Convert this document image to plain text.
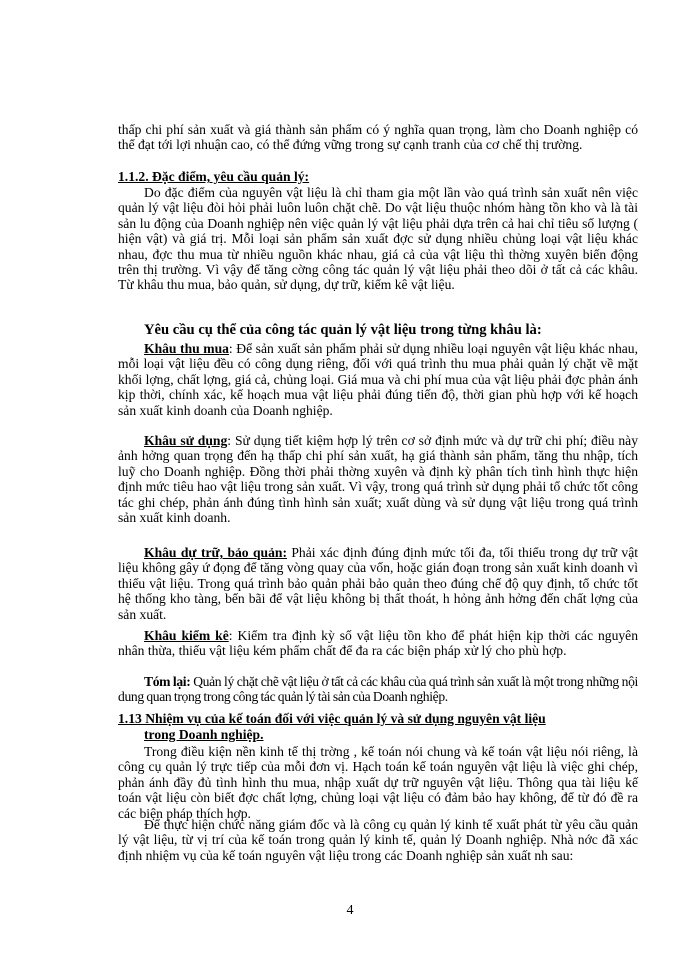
thấp chi phí sản xuất và giá thành sản phẩm có ý nghĩa quan trọng, làm cho Doanh nghiệp có thể đạt tới lợi nhuận cao, có thể đứng vững trong sự cạnh tranh của cơ chế thị trường.

1.1.2. Đặc điểm, yêu cầu quản lý:

Do đặc điểm của nguyên vật liệu là chỉ tham gia một lần vào quá trình sản xuất nên việc quản lý vật liệu đòi hỏi phải luôn luôn chặt chẽ. Do vật liệu thuộc nhóm hàng tồn kho và là tài sản lu động của Doanh nghiệp nên việc quản lý vật liệu phải dựa trên cả hai chỉ tiêu số lượng ( hiện vật) và giá trị. Mỗi loại sản phẩm sản xuất đợc sử dụng nhiều chủng loại vật liệu khác nhau, đợc thu mua từ nhiều nguồn khác nhau, giá cả của vật liệu thì thờng xuyên biến động trên thị trường. Vì vậy để tăng cờng công tác quản lý vật liệu phải theo dõi ở tất cả các khâu. Từ khâu thu mua, bảo quản, sử dụng, dự trữ, kiểm kê vật liệu.

Yêu cầu cụ thể của công tác quản lý vật liệu trong từng khâu là:

Khâu thu mua: Để sản xuất sản phẩm phải sử dụng nhiều loại nguyên vật liệu khác nhau, mỗi loại vật liệu đều có công dụng riêng, đối với quá trình thu mua phải quản lý chặt về mặt khối lợng, chất lợng, giá cả, chủng loại. Giá mua và chi phí mua của vật liệu phải đợc phản ánh kịp thời, chính xác, kế hoạch mua vật liệu phải đúng tiến độ, thời gian phù hợp với kế hoạch sản xuất kinh doanh của Doanh nghiệp.

Khâu sử dụng: Sử dụng tiết kiệm hợp lý trên cơ sở định mức và dự trữ chi phí; điều này ảnh hởng quan trọng đến hạ thấp chi phí sản xuất, hạ giá thành sản phẩm, tăng thu nhập, tích luỹ cho Doanh nghiệp. Đồng thời phải thờng xuyên và định kỳ phân tích tình hình thực hiện định mức tiêu hao vật liệu trong sản xuất. Vì vậy, trong quá trình sử dụng phải tổ chức tốt công tác ghi chép, phản ánh đúng tình hình sản xuất; xuất dùng và sử dụng vật liệu trong quá trình sản xuất kinh doanh.

Khâu dự trữ, bảo quản: Phải xác định đúng định mức tối đa, tối thiểu trong dự trữ vật liệu không gây ứ đọng để tăng vòng quay của vốn, hoặc gián đoạn trong sản xuất kinh doanh vì thiếu vật liệu. Trong quá trình bảo quản phải bảo quản theo đúng chế độ quy định, tổ chức tốt hệ thống kho tàng, bến bãi để vật liệu không bị thất thoát, h hỏng ảnh hởng đến chất lợng của sản xuất.

Khâu kiểm kê: Kiểm tra định kỳ số vật liệu tồn kho để phát hiện kịp thời các nguyên nhân thừa, thiếu vật liệu kém phẩm chất để đa ra các biện pháp xử lý cho phù hợp.

Tóm lại: Quản lý chặt chẽ vật liệu ở tất cả các khâu của quá trình sản xuất là một trong những nội dung quan trọng trong công tác quản lý tài sản của Doanh nghiệp.

1.13 Nhiệm vụ của kế toán đối với việc quản lý và sử dụng nguyên vật liệu

trong Doanh nghiệp.

Trong điều kiện nền kinh tế thị trờng , kế toán nói chung và kế toán vật liệu nói riêng, là công cụ quản lý trực tiếp của mỗi đơn vị. Hạch toán kế toán nguyên vật liệu là việc ghi chép, phản ánh đầy đủ tình hình thu mua, nhập xuất dự trữ nguyên vật liệu. Thông qua tài liệu kế toán vật liệu còn biết đợc chất lợng, chủng loại vật liệu có đảm bảo hay không, để từ đó đề ra các biện pháp thích hợp.

Để thực hiện chức năng giám đốc và là công cụ quản lý kinh tế xuất phát từ yêu cầu quản lý vật liệu, từ vị trí của kế toán trong quản lý kinh tế, quản lý Doanh nghiệp. Nhà nớc đã xác định nhiệm vụ của kế toán nguyên vật liệu trong các Doanh nghiệp sản xuất nh sau:

4
